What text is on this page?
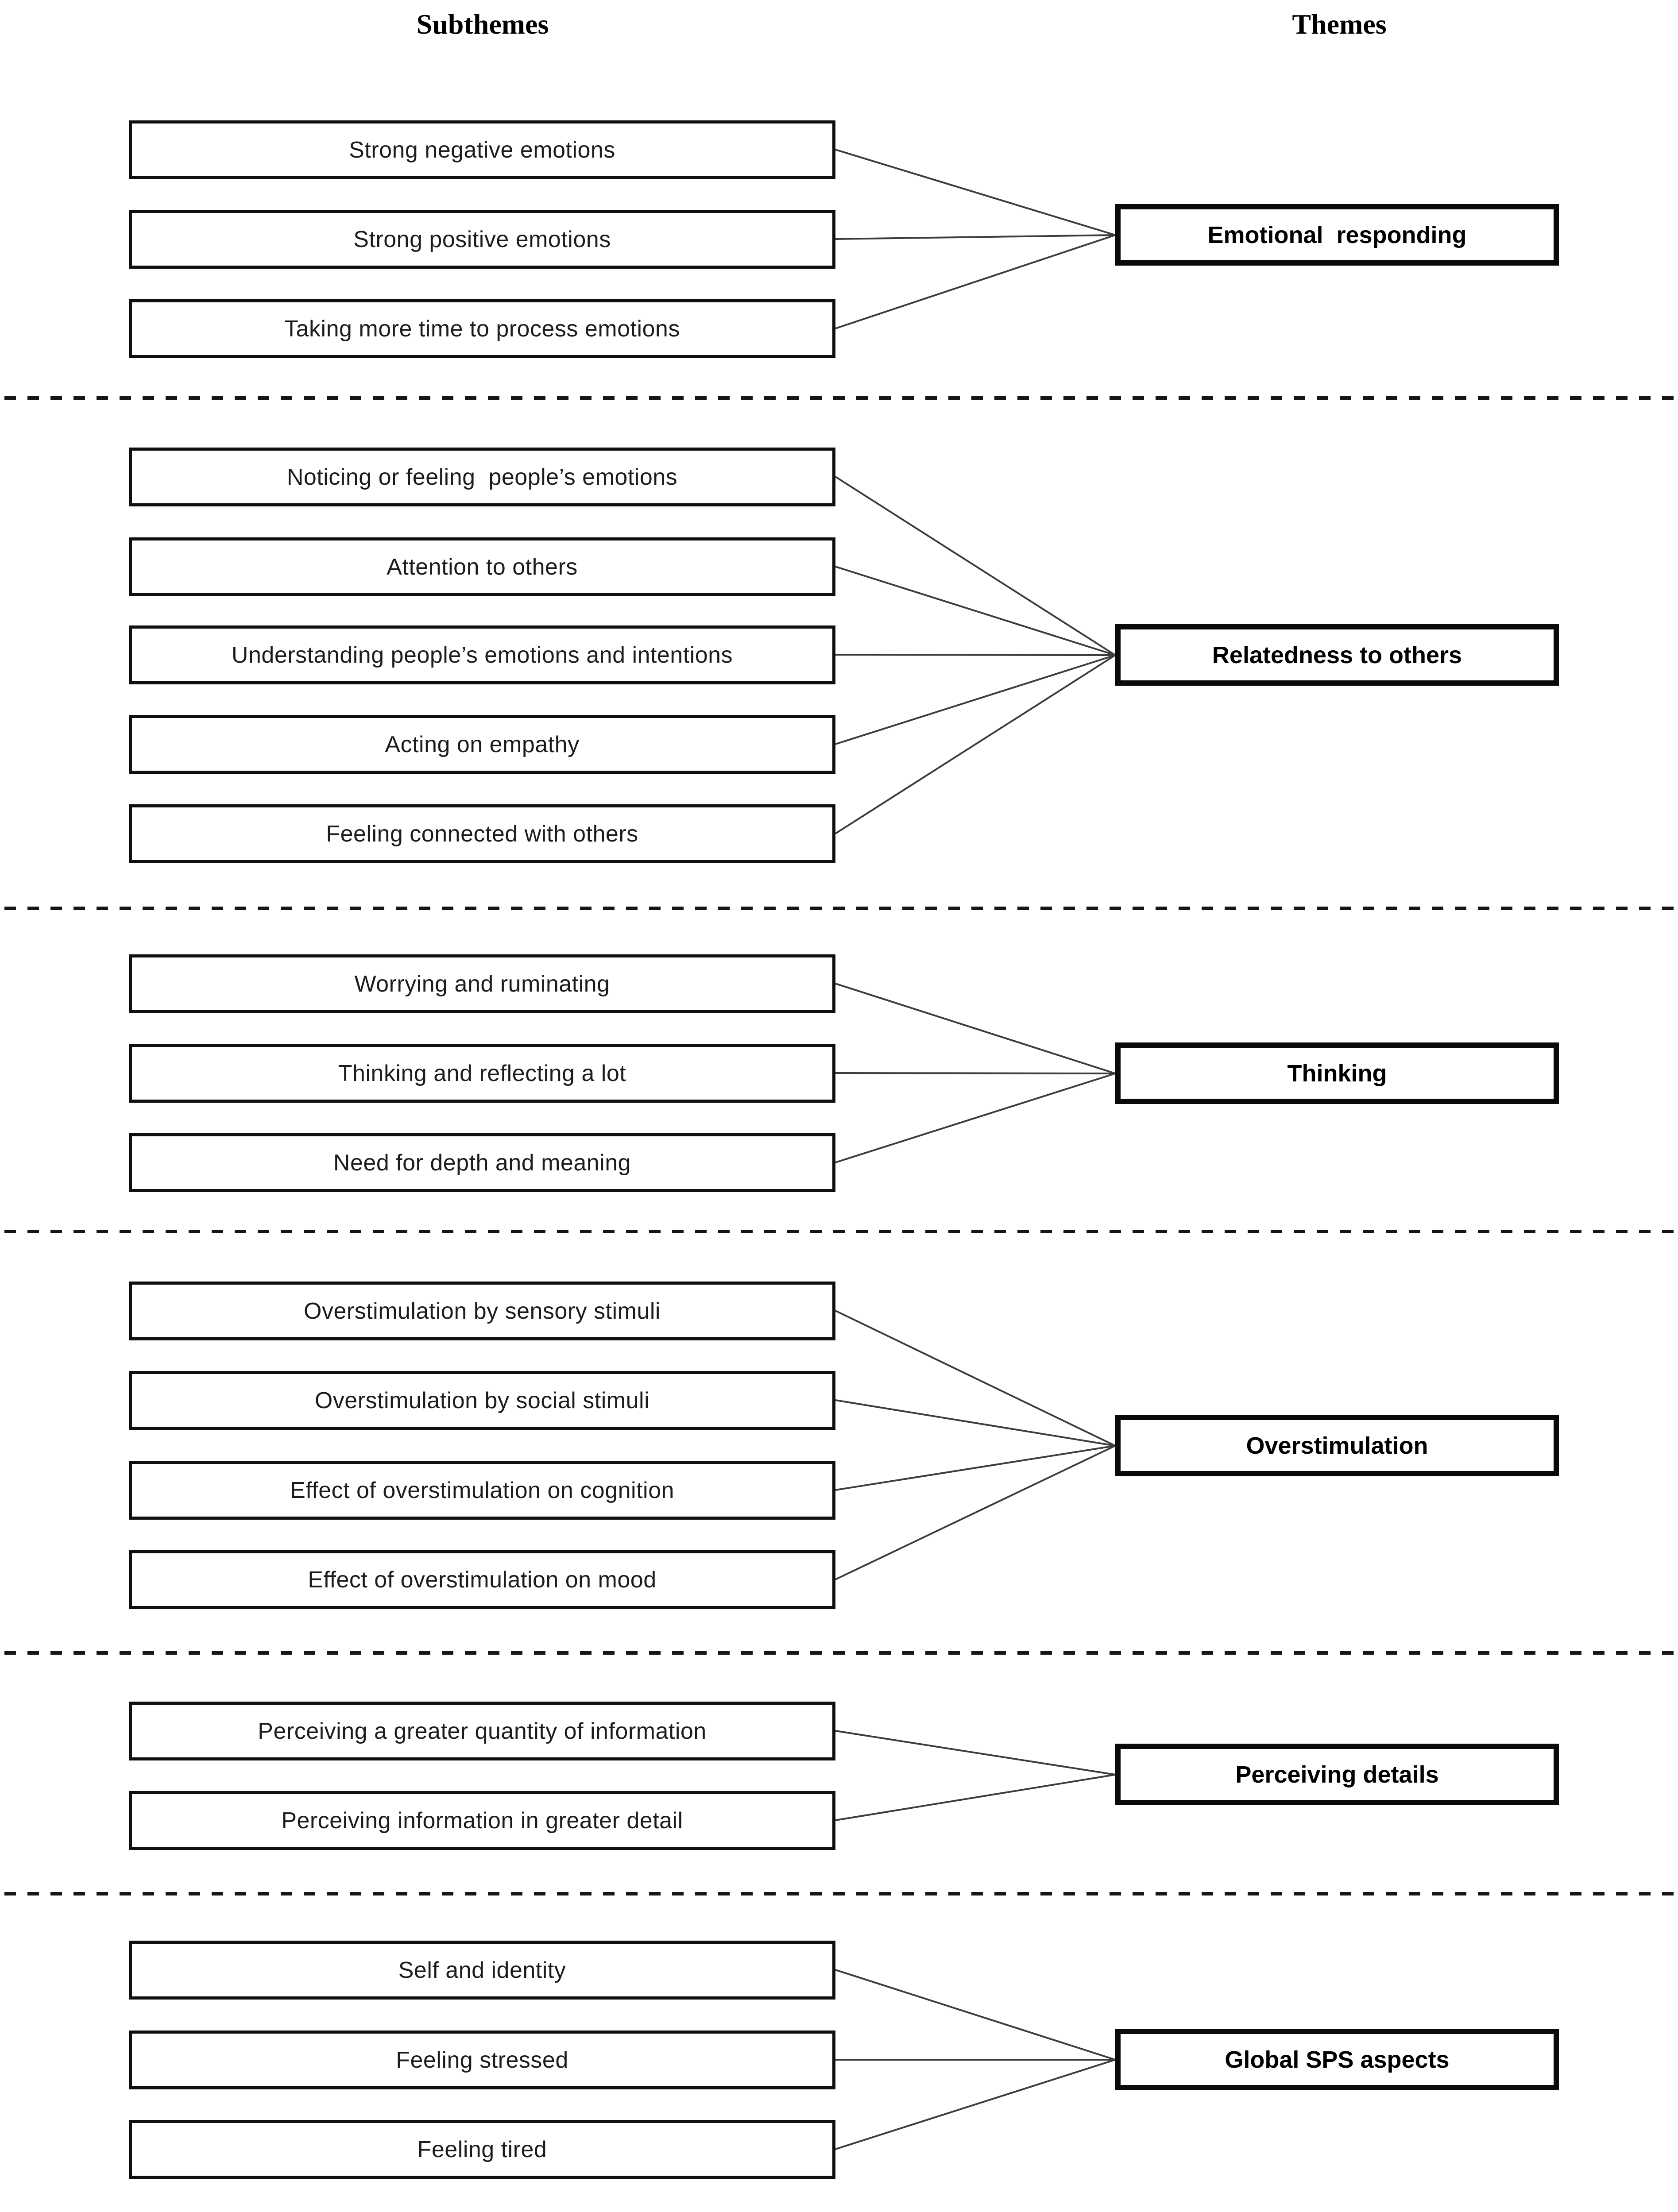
Subthemes	Themes
Strong negative emotions
Strong positive emotions
Taking more time to process emotions
Emotional  responding
Noticing or feeling  people’s emotions
Attention to others
Understanding people’s emotions and intentions
Acting on empathy
Feeling connected with others
Relatedness to others
Worrying and ruminating
Thinking and reflecting a lot
Need for depth and meaning
Thinking
Overstimulation by sensory stimuli
Overstimulation by social stimuli
Effect of overstimulation on cognition
Effect of overstimulation on mood
Overstimulation
Perceiving a greater quantity of information
Perceiving information in greater detail
Perceiving details
Self and identity
Feeling stressed
Feeling tired
Global SPS aspects
